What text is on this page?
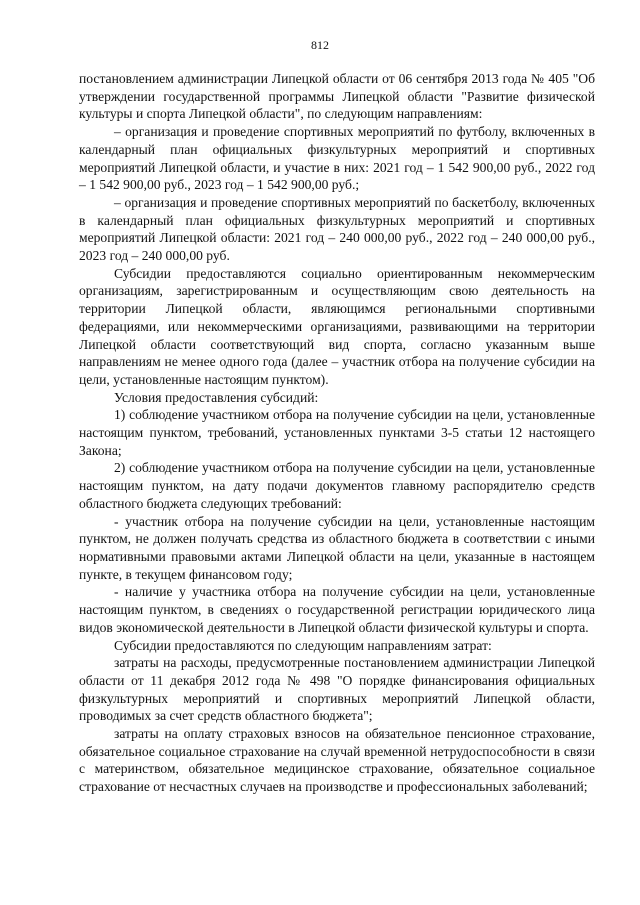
812

постановлением администрации Липецкой области от 06 сентября 2013 года № 405 "Об утверждении государственной программы Липецкой области "Развитие физической культуры и спорта Липецкой области", по следующим направлениям:

– организация и проведение спортивных мероприятий по футболу, включенных в календарный план официальных физкультурных мероприятий и спортивных мероприятий Липецкой области, и участие в них: 2021 год – 1 542 900,00 руб., 2022 год – 1 542 900,00 руб., 2023 год – 1 542 900,00 руб.;

– организация и проведение спортивных мероприятий по баскетболу, включенных в календарный план официальных физкультурных мероприятий и спортивных мероприятий Липецкой области: 2021 год – 240 000,00 руб., 2022 год – 240 000,00 руб., 2023 год – 240 000,00 руб.

Субсидии предоставляются социально ориентированным некоммерческим организациям, зарегистрированным и осуществляющим свою деятельность на территории Липецкой области, являющимся региональными спортивными федерациями, или некоммерческими организациями, развивающими на территории Липецкой области соответствующий вид спорта, согласно указанным выше направлениям не менее одного года (далее – участник отбора на получение субсидии на цели, установленные настоящим пунктом).

Условия предоставления субсидий:

1) соблюдение участником отбора на получение субсидии на цели, установленные настоящим пунктом, требований, установленных пунктами 3-5 статьи 12 настоящего Закона;

2) соблюдение участником отбора на получение субсидии на цели, установленные настоящим пунктом, на дату подачи документов главному распорядителю средств областного бюджета следующих требований:

- участник отбора на получение субсидии на цели, установленные настоящим пунктом, не должен получать средства из областного бюджета в соответствии с иными нормативными правовыми актами Липецкой области на цели, указанные в настоящем пункте, в текущем финансовом году;

- наличие у участника отбора на получение субсидии на цели, установленные настоящим пунктом, в сведениях о государственной регистрации юридического лица видов экономической деятельности в Липецкой области физической культуры и спорта.

Субсидии предоставляются по следующим направлениям затрат:

затраты на расходы, предусмотренные постановлением администрации Липецкой области от 11 декабря 2012 года № 498 "О порядке финансирования официальных физкультурных мероприятий и спортивных мероприятий Липецкой области, проводимых за счет средств областного бюджета";

затраты на оплату страховых взносов на обязательное пенсионное страхование, обязательное социальное страхование на случай временной нетрудоспособности в связи с материнством, обязательное медицинское страхование, обязательное социальное страхование от несчастных случаев на производстве и профессиональных заболеваний;
